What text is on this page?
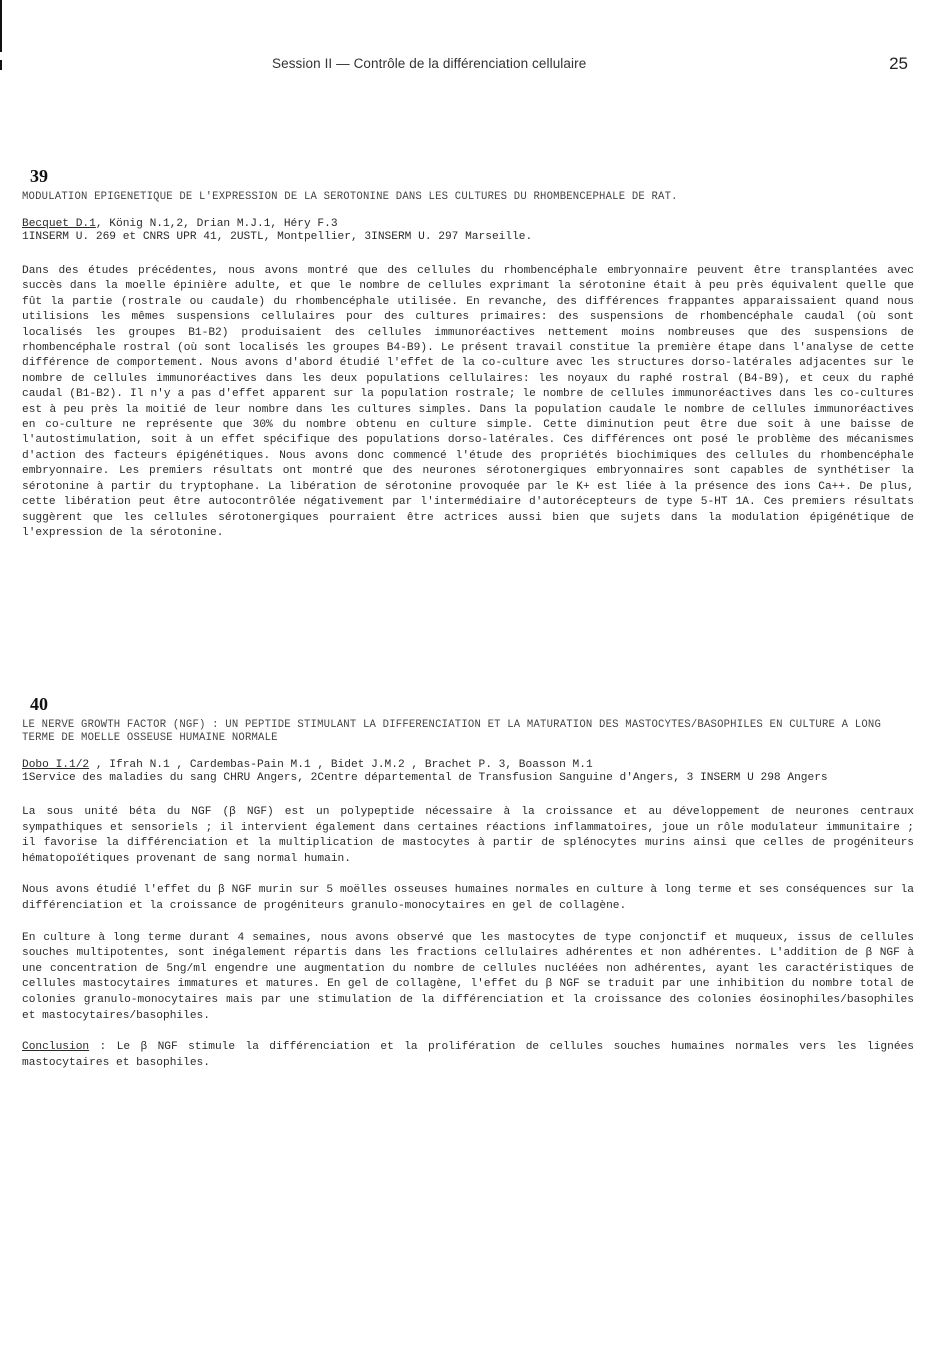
Session II — Contrôle de la différenciation cellulaire	25
39
MODULATION EPIGENETIQUE DE L'EXPRESSION DE LA SEROTONINE DANS LES CULTURES DU RHOMBENCEPHALE DE RAT.

Becquet D.1, König N.1,2, Drian M.J.1, Héry F.3

1INSERM U. 269 et CNRS UPR 41, 2USTL, Montpellier, 3INSERM U. 297 Marseille.

Dans des études précédentes, nous avons montré que des cellules du rhombencéphale embryonnaire peuvent être transplantées avec succès dans la moelle épinière adulte, et que le nombre de cellules exprimant la sérotonine était à peu près équivalent quelle que fût la partie (rostrale ou caudale) du rhombencéphale utilisée. En revanche, des différences frappantes apparaissaient quand nous utilisions les mêmes suspensions cellulaires pour des cultures primaires: des suspensions de rhombencéphale caudal (où sont localisés les groupes B1-B2) produisaient des cellules immunoréactives nettement moins nombreuses que des suspensions de rhombencéphale rostral (où sont localisés les groupes B4-B9). Le présent travail constitue la première étape dans l'analyse de cette différence de comportement. Nous avons d'abord étudié l'effet de la co-culture avec les structures dorso-latérales adjacentes sur le nombre de cellules immunoréactives dans les deux populations cellulaires: les noyaux du raphé rostral (B4-B9), et ceux du raphé caudal (B1-B2). Il n'y a pas d'effet apparent sur la population rostrale; le nombre de cellules immunoréactives dans les co-cultures est à peu près la moitié de leur nombre dans les cultures simples. Dans la population caudale le nombre de cellules immunoréactives en co-culture ne représente que 30% du nombre obtenu en culture simple. Cette diminution peut être due soit à une baisse de l'autostimulation, soit à un effet spécifique des populations dorso-latérales. Ces différences ont posé le problème des mécanismes d'action des facteurs épigénétiques. Nous avons donc commencé l'étude des propriétés biochimiques des cellules du rhombencéphale embryonnaire. Les premiers résultats ont montré que des neurones sérotonergiques embryonnaires sont capables de synthétiser la sérotonine à partir du tryptophane. La libération de sérotonine provoquée par le K+ est liée à la présence des ions Ca++. De plus, cette libération peut être autocontrôlée négativement par l'intermédiaire d'autorécepteurs de type 5-HT 1A. Ces premiers résultats suggèrent que les cellules sérotonergiques pourraient être actrices aussi bien que sujets dans la modulation épigénétique de l'expression de la sérotonine.

40
LE NERVE GROWTH FACTOR (NGF) : UN PEPTIDE STIMULANT LA DIFFERENCIATION ET LA MATURATION DES MASTOCYTES/BASOPHILES EN CULTURE A LONG TERME DE MOELLE OSSEUSE HUMAINE NORMALE

Dobo I.1/2 , Ifrah N.1 , Cardembas-Pain M.1 , Bidet J.M.2 , Brachet P. 3, Boasson M.1

1Service des maladies du sang CHRU Angers, 2Centre départemental de Transfusion Sanguine d'Angers, 3 INSERM U 298 Angers

La sous unité béta du NGF (β NGF) est un polypeptide nécessaire à la croissance et au développement de neurones centraux sympathiques et sensoriels ; il intervient également dans certaines réactions inflammatoires, joue un rôle modulateur immunitaire ; il favorise la différenciation et la multiplication de mastocytes à partir de splénocytes murins ainsi que celles de progéniteurs hématopoïétiques provenant de sang normal humain.

Nous avons étudié l'effet du β NGF murin sur 5 moëlles osseuses humaines normales en culture à long terme et ses conséquences sur la différenciation et la croissance de progéniteurs granulo-monocytaires en gel de collagène.

En culture à long terme durant 4 semaines, nous avons observé que les mastocytes de type conjonctif et muqueux, issus de cellules souches multipotentes, sont inégalement répartis dans les fractions cellulaires adhérentes et non adhérentes. L'addition de β NGF à une concentration de 5ng/ml engendre une augmentation du nombre de cellules nucléées non adhérentes, ayant les caractéristiques de cellules mastocytaires immatures et matures. En gel de collagène, l'effet du β NGF se traduit par une inhibition du nombre total de colonies granulo-monocytaires mais par une stimulation de la différenciation et la croissance des colonies éosinophiles/basophiles et mastocytaires/basophiles.

Conclusion : Le β NGF stimule la différenciation et la prolifération de cellules souches humaines normales vers les lignées mastocytaires et basophiles.
